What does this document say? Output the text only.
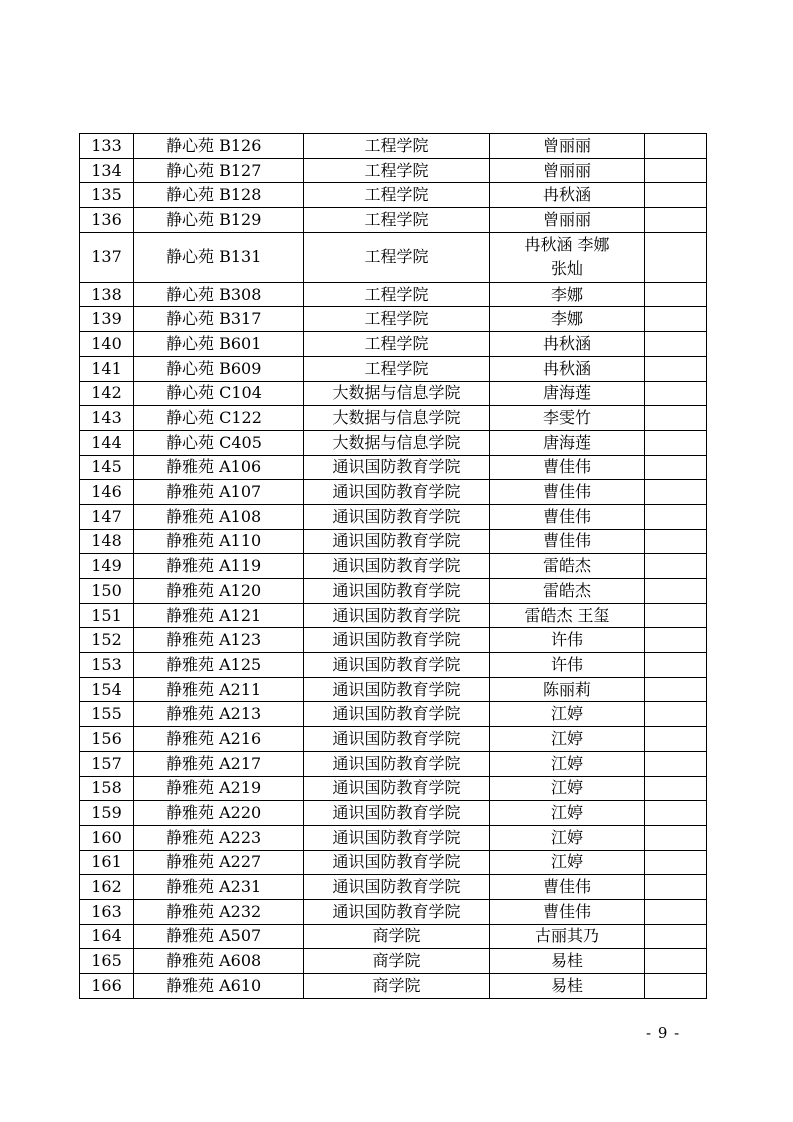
133	静心苑 B126	工程学院	曾丽丽	
134	静心苑 B127	工程学院	曾丽丽	
135	静心苑 B128	工程学院	冉秋涵	
136	静心苑 B129	工程学院	曾丽丽	
137	静心苑 B131	工程学院	冉秋涵 李娜 张灿	

138	静心苑 B308	工程学院	李娜	
139	静心苑 B317	工程学院	李娜	
140	静心苑 B601	工程学院	冉秋涵	
141	静心苑 B609	工程学院	冉秋涵	
142	静心苑 C104	大数据与信息学院	唐海莲	
143	静心苑 C122	大数据与信息学院	李雯竹	
144	静心苑 C405	大数据与信息学院	唐海莲	
145	静雅苑 A106	通识国防教育学院	曹佳伟	
146	静雅苑 A107	通识国防教育学院	曹佳伟	
147	静雅苑 A108	通识国防教育学院	曹佳伟	
148	静雅苑 A110	通识国防教育学院	曹佳伟	
149	静雅苑 A119	通识国防教育学院	雷皓杰	
150	静雅苑 A120	通识国防教育学院	雷皓杰	
151	静雅苑 A121	通识国防教育学院	雷皓杰 王玺	
152	静雅苑 A123	通识国防教育学院	许伟	
153	静雅苑 A125	通识国防教育学院	许伟	
154	静雅苑 A211	通识国防教育学院	陈丽莉	
155	静雅苑 A213	通识国防教育学院	江婷	
156	静雅苑 A216	通识国防教育学院	江婷	
157	静雅苑 A217	通识国防教育学院	江婷	
158	静雅苑 A219	通识国防教育学院	江婷	
159	静雅苑 A220	通识国防教育学院	江婷	
160	静雅苑 A223	通识国防教育学院	江婷	
161	静雅苑 A227	通识国防教育学院	江婷	
162	静雅苑 A231	通识国防教育学院	曹佳伟	
163	静雅苑 A232	通识国防教育学院	曹佳伟	
164	静雅苑 A507	商学院	古丽其乃	
165	静雅苑 A608	商学院	易桂	
166	静雅苑 A610	商学院	易桂	
- 9 -
